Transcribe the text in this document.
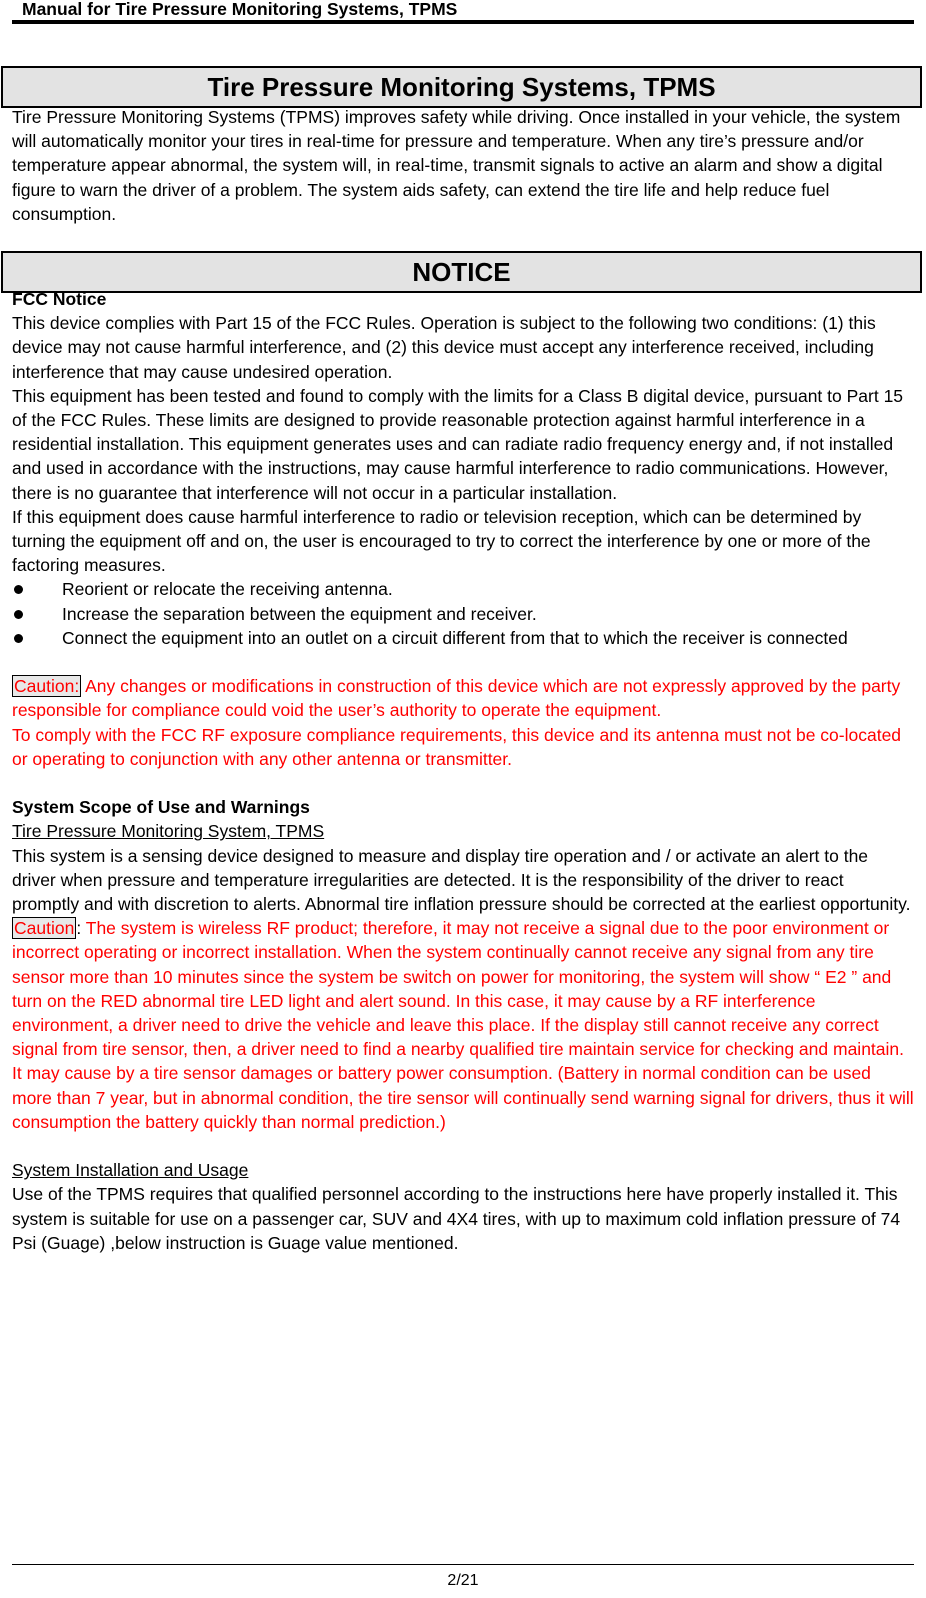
Manual for Tire Pressure Monitoring Systems, TPMS
Tire Pressure Monitoring Systems, TPMS

Tire Pressure Monitoring Systems (TPMS) improves safety while driving. Once installed in your vehicle, the system will automatically monitor your tires in real-time for pressure and temperature. When any tire’s pressure and/or temperature appear abnormal, the system will, in real-time, transmit signals to active an alarm and show a digital figure to warn the driver of a problem. The system aids safety, can extend the tire life and help reduce fuel consumption.

NOTICE

FCC Notice

This device complies with Part 15 of the FCC Rules. Operation is subject to the following two conditions: (1) this device may not cause harmful interference, and (2) this device must accept any interference received, including interference that may cause undesired operation.

This equipment has been tested and found to comply with the limits for a Class B digital device, pursuant to Part 15 of the FCC Rules. These limits are designed to provide reasonable protection against harmful interference in a residential installation. This equipment generates uses and can radiate radio frequency energy and, if not installed and used in accordance with the instructions, may cause harmful interference to radio communications. However, there is no guarantee that interference will not occur in a particular installation.

If this equipment does cause harmful interference to radio or television reception, which can be determined by turning the equipment off and on, the user is encouraged to try to correct the interference by one or more of the factoring measures.

Reorient or relocate the receiving antenna.
Increase the separation between the equipment and receiver.
Connect the equipment into an outlet on a circuit different from that to which the receiver is connected

Caution: Any changes or modifications in construction of this device which are not expressly approved by the party responsible for compliance could void the user’s authority to operate the equipment.

To comply with the FCC RF exposure compliance requirements, this device and its antenna must not be co-located or operating to conjunction with any other antenna or transmitter.

System Scope of Use and Warnings

Tire Pressure Monitoring System, TPMS

This system is a sensing device designed to measure and display tire operation and / or activate an alert to the driver when pressure and temperature irregularities are detected. It is the responsibility of the driver to react promptly and with discretion to alerts. Abnormal tire inflation pressure should be corrected at the earliest opportunity.

Caution : The system is wireless RF product; therefore, it may not receive a signal due to the poor environment or incorrect operating or incorrect installation. When the system continually cannot receive any signal from any tire sensor more than 10 minutes since the system be switch on power for monitoring, the system will show “ E2 ” and turn on the RED abnormal tire LED light and alert sound. In this case, it may cause by a RF interference environment, a driver need to drive the vehicle and leave this place. If the display still cannot receive any correct signal from tire sensor, then, a driver need to find a nearby qualified tire maintain service for checking and maintain. It may cause by a tire sensor damages or battery power consumption. (Battery in normal condition can be used more than 7 year, but in abnormal condition, the tire sensor will continually send warning signal for drivers, thus it will consumption the battery quickly than normal prediction.)

System Installation and Usage

Use of the TPMS requires that qualified personnel according to the instructions here have properly installed it. This system is suitable for use on a passenger car, SUV and 4X4 tires, with up to maximum cold inflation pressure of 74 Psi (Guage) ,below instruction is Guage value mentioned.

2/21
